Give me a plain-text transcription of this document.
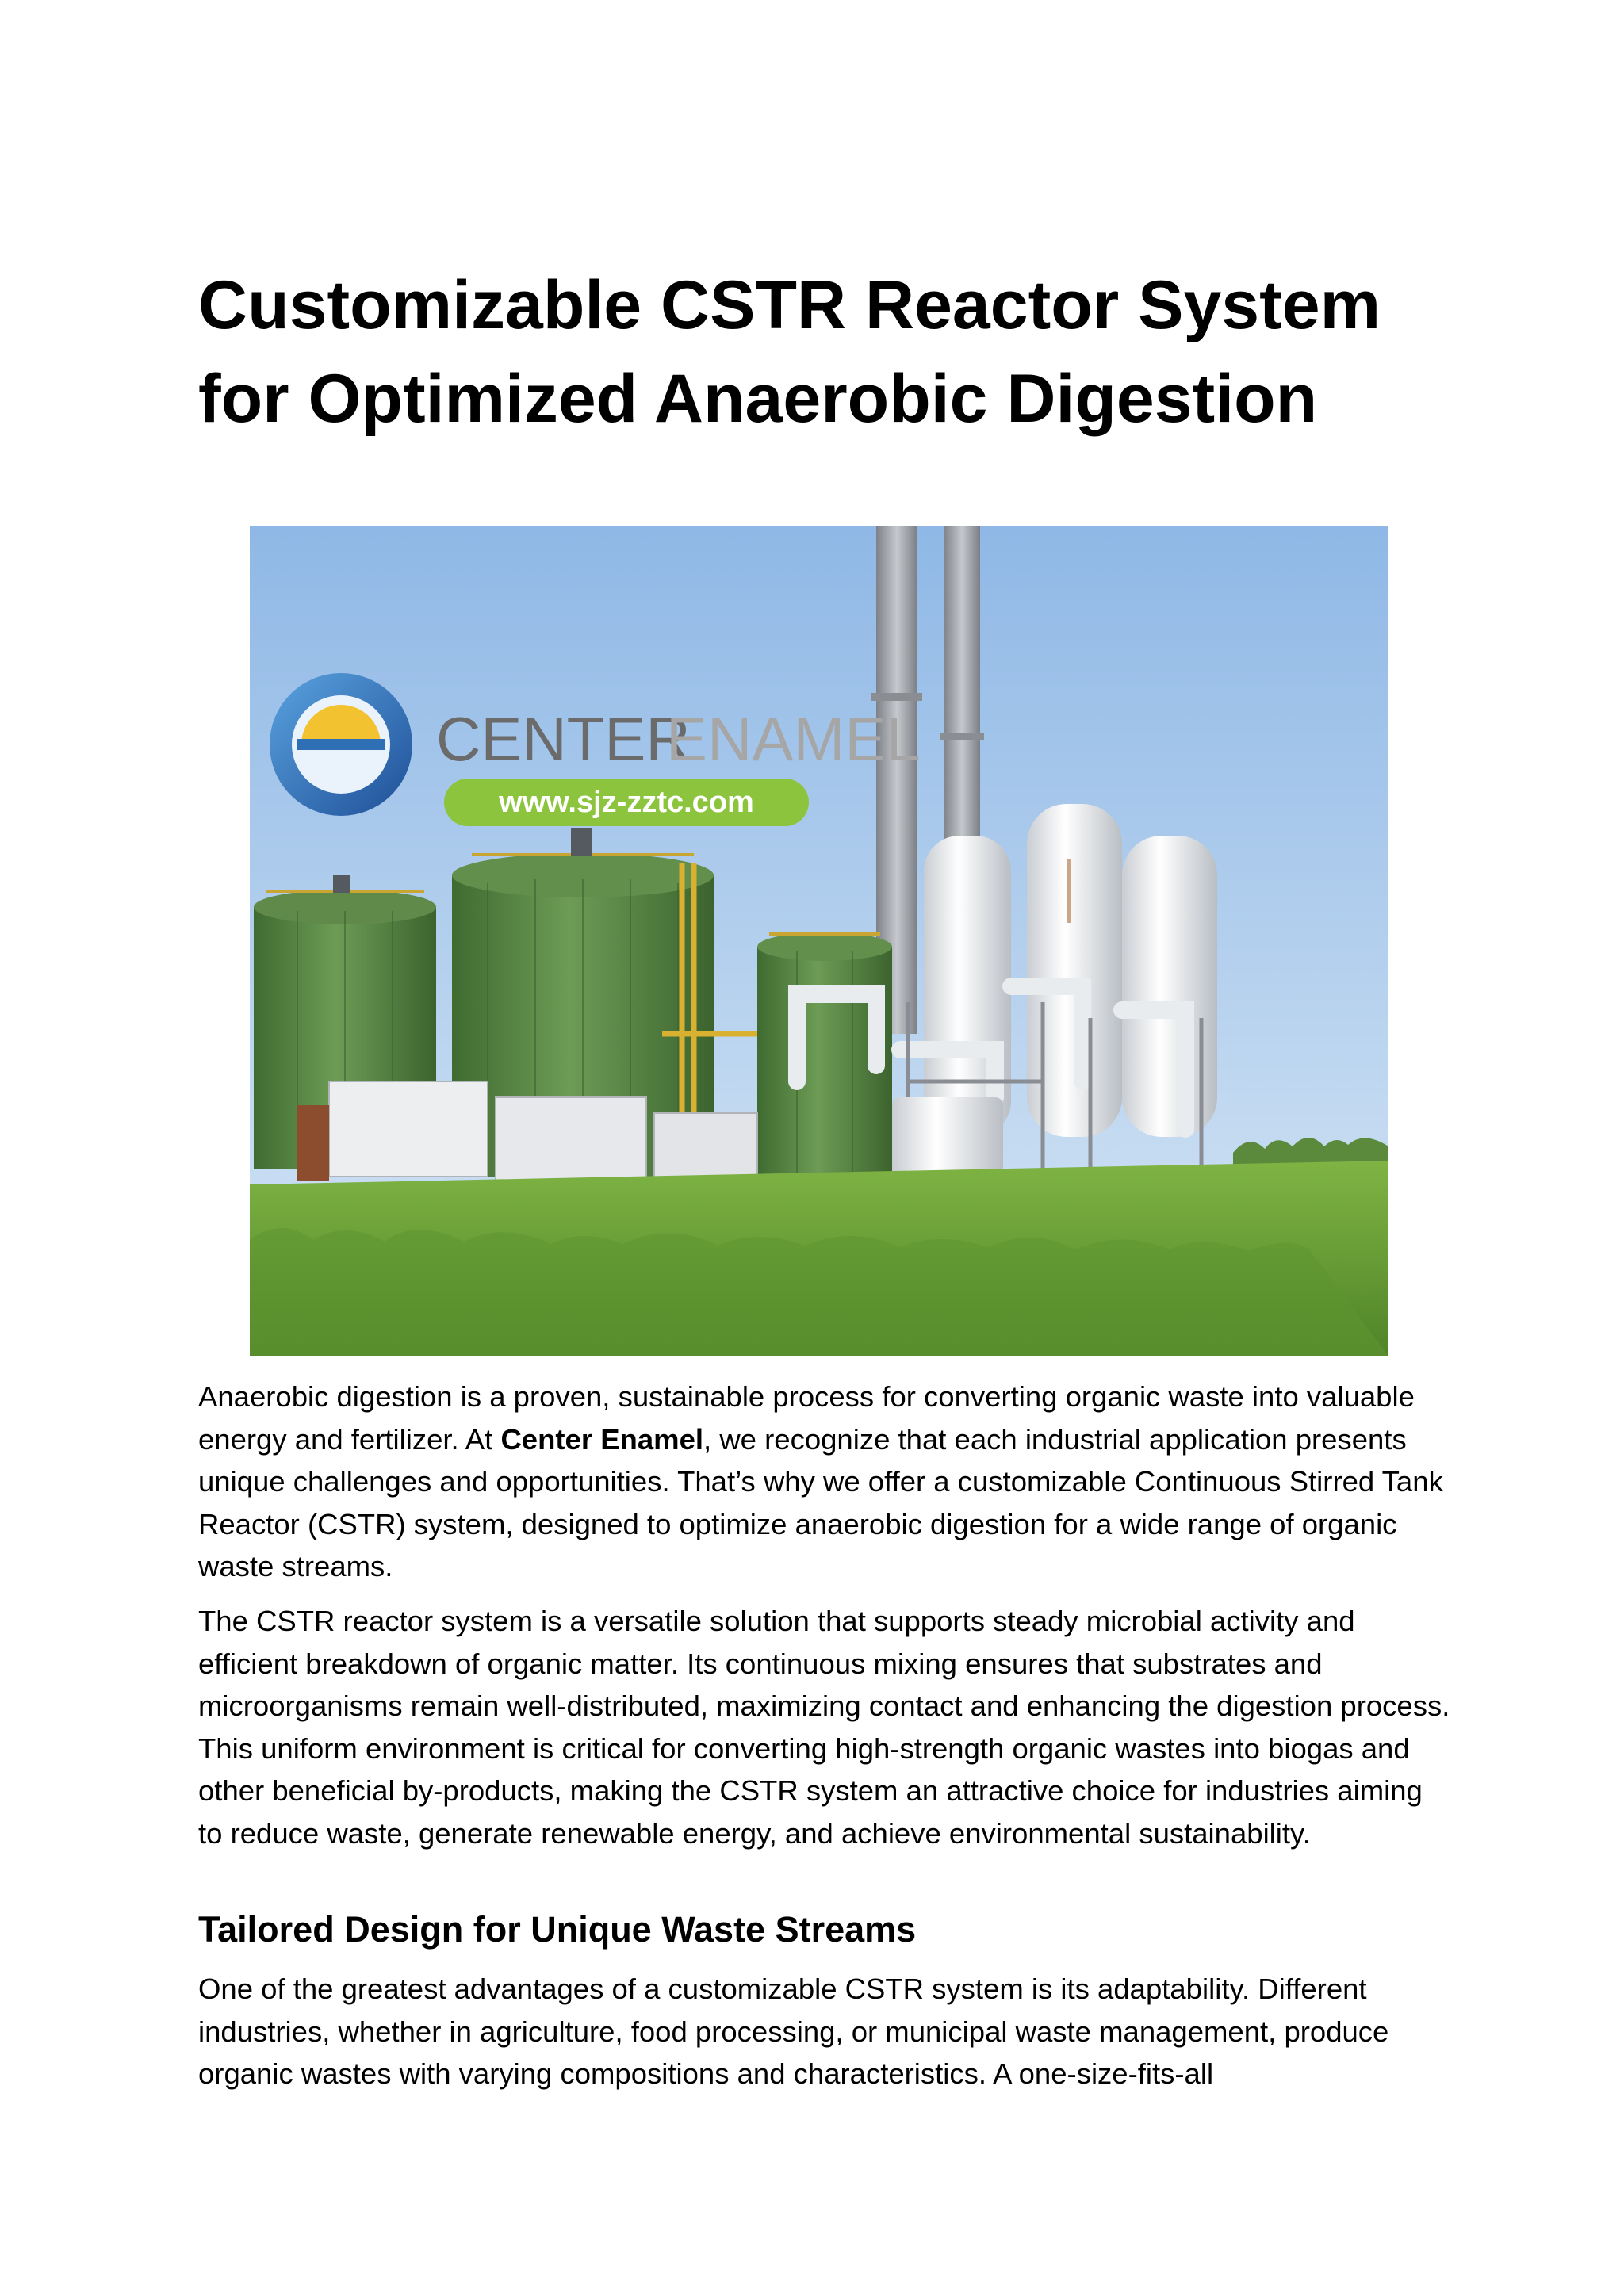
Customizable CSTR Reactor System
for Optimized Anaerobic Digestion
CENTER
ENAMEL
www.sjz-zztc.com

Anaerobic digestion is a proven, sustainable process for converting organic waste into valuable energy and fertilizer. At Center Enamel, we recognize that each industrial application presents unique challenges and opportunities. That’s why we offer a customizable Continuous Stirred Tank Reactor (CSTR) system, designed to optimize anaerobic digestion for a wide range of organic waste streams.

The CSTR reactor system is a versatile solution that supports steady microbial activity and efficient breakdown of organic matter. Its continuous mixing ensures that substrates and microorganisms remain well-distributed, maximizing contact and enhancing the digestion process. This uniform environment is critical for converting high-strength organic wastes into biogas and other beneficial by-products, making the CSTR system an attractive choice for industries aiming to reduce waste, generate renewable energy, and achieve environmental sustainability.

Tailored Design for Unique Waste Streams

One of the greatest advantages of a customizable CSTR system is its adaptability. Different industries, whether in agriculture, food processing, or municipal waste management, produce organic wastes with varying compositions and characteristics. A one-size-fits-all
